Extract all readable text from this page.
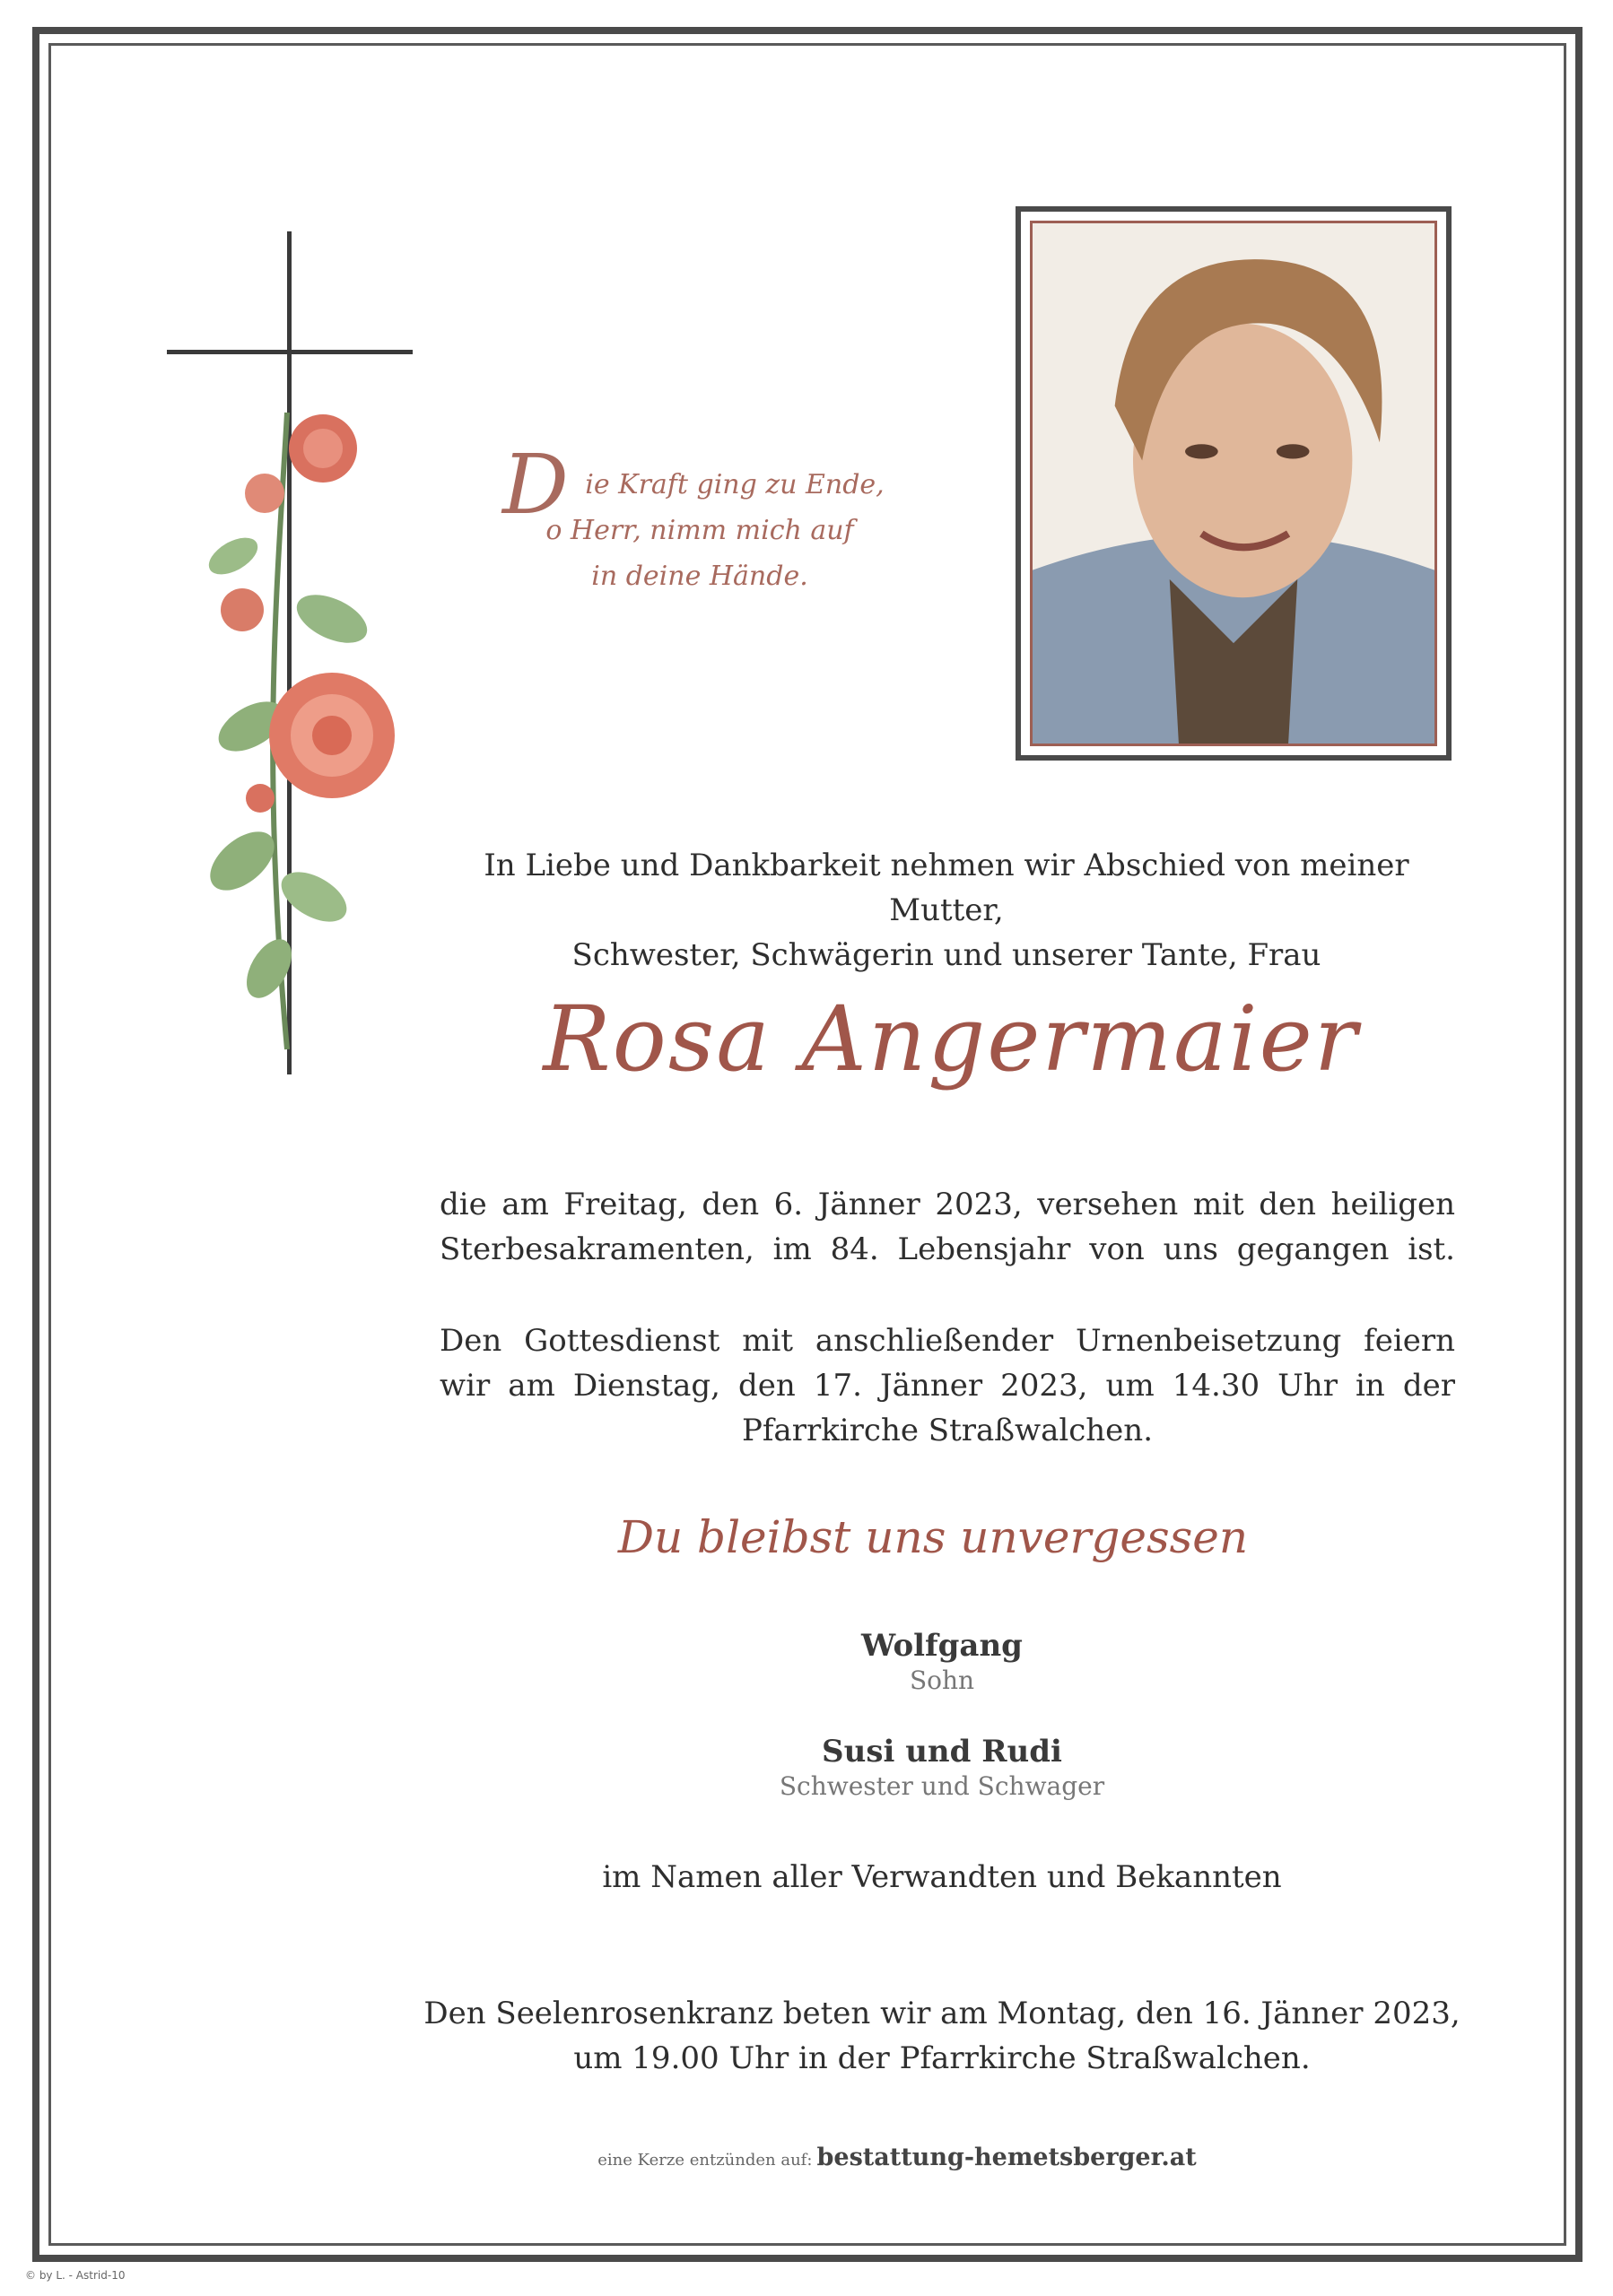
D ie Kraft ging zu Ende,
o Herr, nimm mich auf
in deine Hände.
In Liebe und Dankbarkeit nehmen wir Abschied von meiner Mutter,
Schwester, Schwägerin und unserer Tante, Frau
Rosa Angermaier
die am Freitag, den 6. Jänner 2023, versehen mit den heiligen
Sterbesakramenten, im 84. Lebensjahr von uns gegangen ist.
Den Gottesdienst mit anschließender Urnenbeisetzung feiern
wir am Dienstag, den 17. Jänner 2023, um 14.30 Uhr in der
Pfarrkirche Straßwalchen.
Du bleibst uns unvergessen
Wolfgang
Sohn
Susi und Rudi
Schwester und Schwager
im Namen aller Verwandten und Bekannten
Den Seelenrosenkranz beten wir am Montag, den 16. Jänner 2023,
um 19.00 Uhr in der Pfarrkirche Straßwalchen.
eine Kerze entzünden auf: bestattung-hemetsberger.at
© by L. - Astrid-10
